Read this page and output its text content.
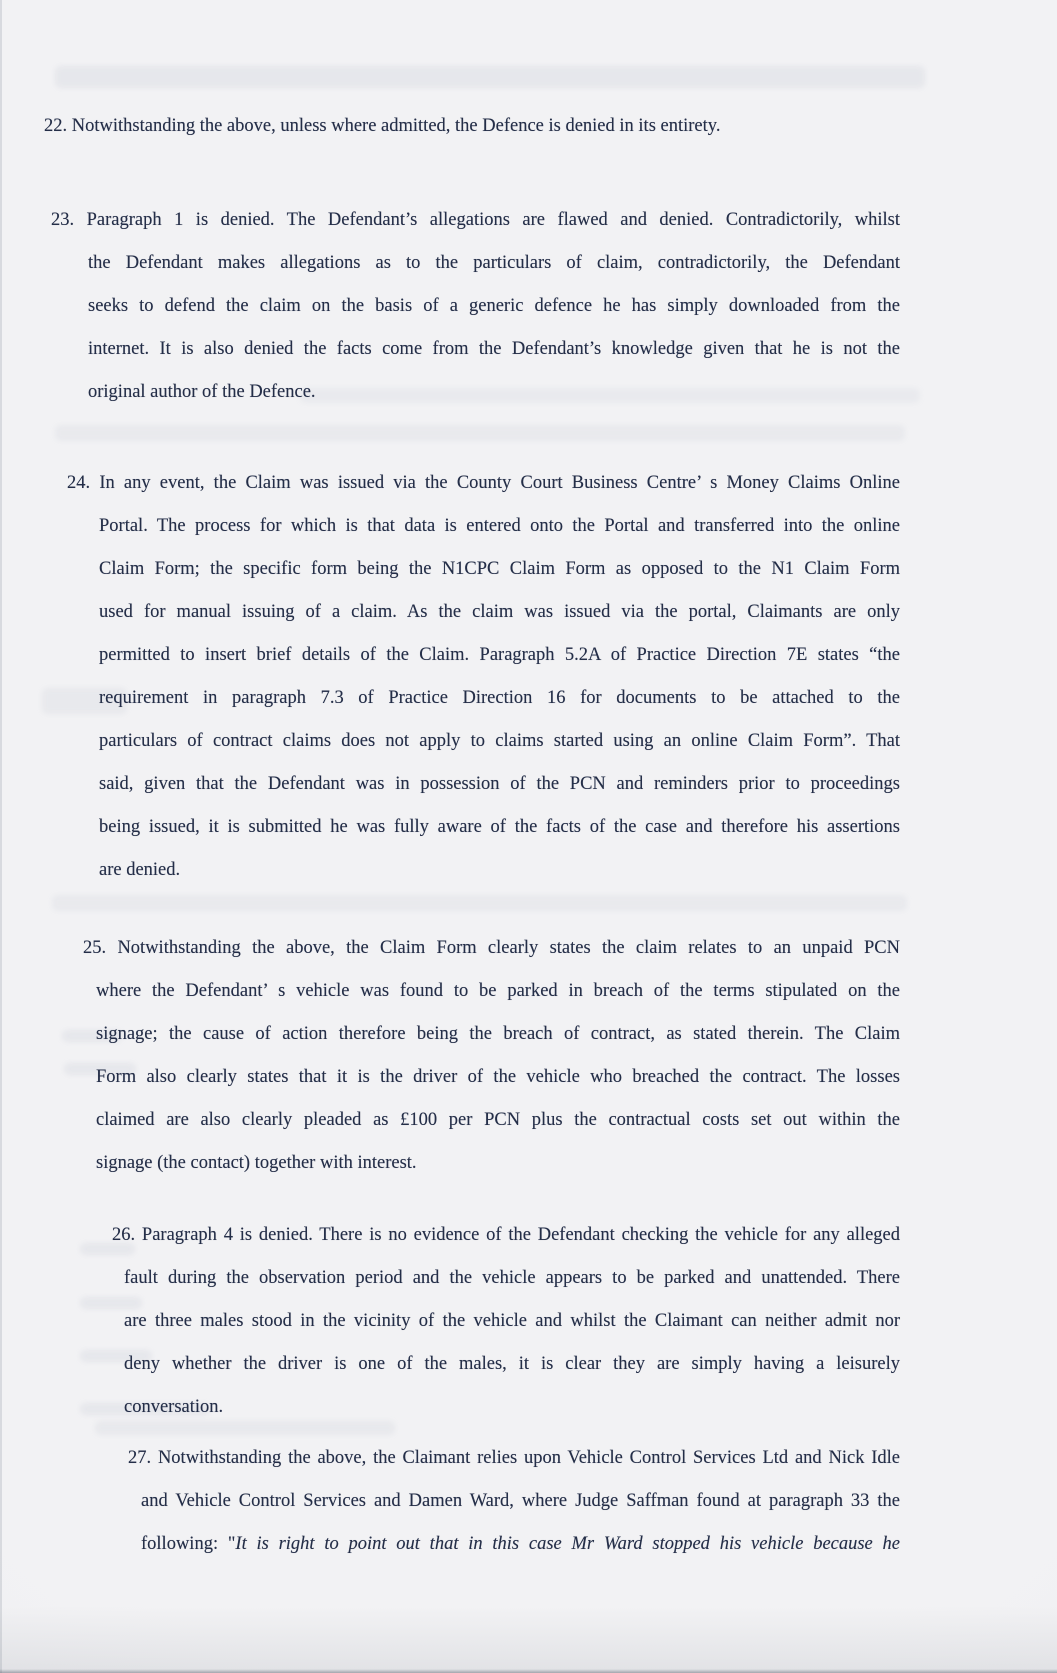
22. Notwithstanding the above, unless where admitted, the Defence is denied in its entirety.
23. Paragraph 1 is denied. The Defendant’s allegations are flawed and denied. Contradictorily, whilst
the Defendant makes allegations as to the particulars of claim, contradictorily, the Defendant
seeks to defend the claim on the basis of a generic defence he has simply downloaded from the
internet. It is also denied the facts come from the Defendant’s knowledge given that he is not the
original author of the Defence.
24. In any event, the Claim was issued via the County Court Business Centre’ s Money Claims Online
Portal. The process for which is that data is entered onto the Portal and transferred into the online
Claim Form; the specific form being the N1CPC Claim Form as opposed to the N1 Claim Form
used for manual issuing of a claim. As the claim was issued via the portal, Claimants are only
permitted to insert brief details of the Claim. Paragraph 5.2A of Practice Direction 7E states “the
requirement in paragraph 7.3 of Practice Direction 16 for documents to be attached to the
particulars of contract claims does not apply to claims started using an online Claim Form”. That
said, given that the Defendant was in possession of the PCN and reminders prior to proceedings
being issued, it is submitted he was fully aware of the facts of the case and therefore his assertions
are denied.
25. Notwithstanding the above, the Claim Form clearly states the claim relates to an unpaid PCN
where the Defendant’ s vehicle was found to be parked in breach of the terms stipulated on the
signage; the cause of action therefore being the breach of contract, as stated therein. The Claim
Form also clearly states that it is the driver of the vehicle who breached the contract. The losses
claimed are also clearly pleaded as £100 per PCN plus the contractual costs set out within the
signage (the contact) together with interest.
26. Paragraph 4 is denied. There is no evidence of the Defendant checking the vehicle for any alleged
fault during the observation period and the vehicle appears to be parked and unattended. There
are three males stood in the vicinity of the vehicle and whilst the Claimant can neither admit nor
deny whether the driver is one of the males, it is clear they are simply having a leisurely
conversation.
27. Notwithstanding the above, the Claimant relies upon Vehicle Control Services Ltd and Nick Idle
and Vehicle Control Services and Damen Ward, where Judge Saffman found at paragraph 33 the
following: "It is right to point out that in this case Mr Ward stopped his vehicle because he
